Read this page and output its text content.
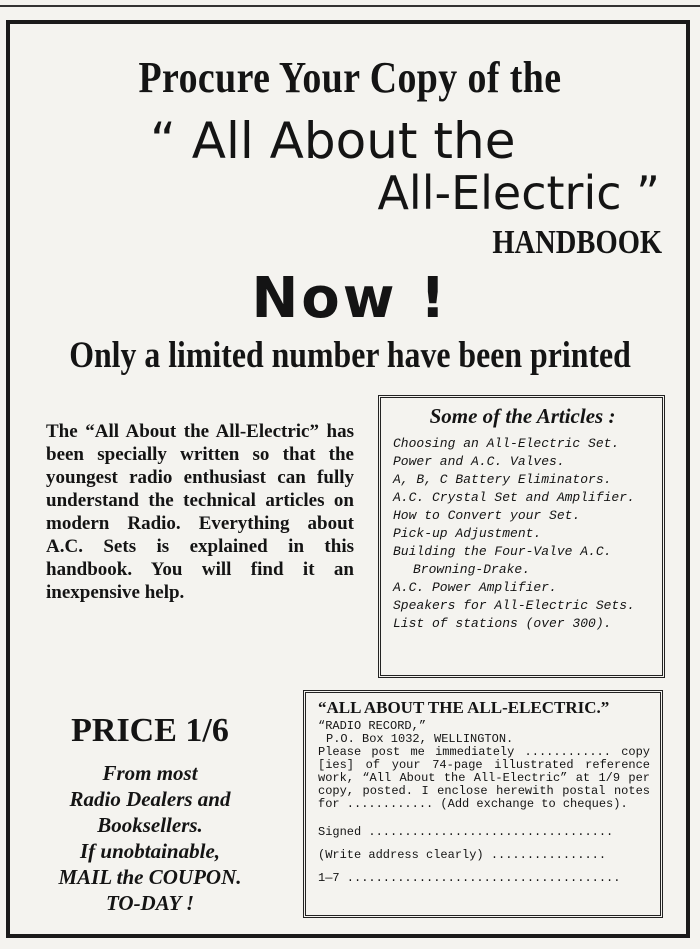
Procure Your Copy of the
“ All About the
All-Electric ”
HANDBOOK
Now !
Only a limited number have been printed
The “All About the All-Electric” has been specially written so that the youngest radio enthusiast can fully understand the technical articles on modern Radio. Everything about A.C. Sets is explained in this handbook. You will find it an inexpensive help.
Some of the Articles :
Choosing an All-Electric Set.
Power and A.C. Valves.
A, B, C Battery Eliminators.
A.C. Crystal Set and Amplifier.
How to Convert your Set.
Pick-up Adjustment.
Building the Four-Valve A.C.
Browning-Drake.
A.C. Power Amplifier.
Speakers for All-Electric Sets.
List of stations (over 300).
PRICE 1/6
From most
Radio Dealers and
Booksellers.
If unobtainable,
MAIL the COUPON.
TO-DAY !
“ALL ABOUT THE ALL-ELECTRIC.”
“RADIO RECORD,”
P.O. Box 1032, WELLINGTON.
Please post me immediately ............ copy [ies] of your 74-page illustrated reference work, “All About the All-Electric” at 1/9 per copy, posted. I enclose herewith postal notes for ............ (Add exchange to cheques).
Signed ..................................
(Write address clearly) ................
1—7 ......................................
